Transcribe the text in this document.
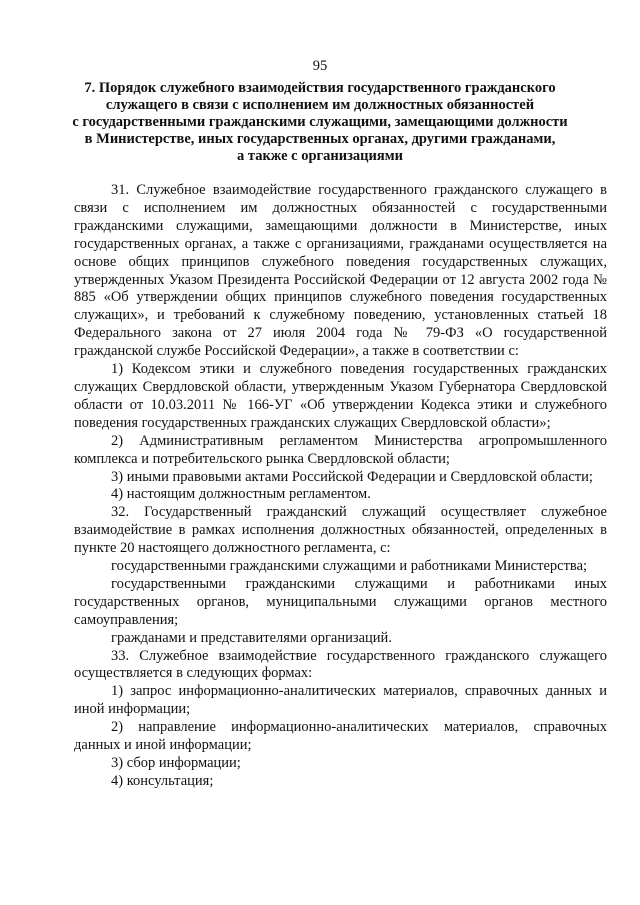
95
7. Порядок служебного взаимодействия государственного гражданского
служащего в связи с исполнением им должностных обязанностей
с государственными гражданскими служащими, замещающими должности
в Министерстве, иных государственных органах, другими гражданами,
а также с организациями

31. Служебное взаимодействие государственного гражданского служащего в связи с исполнением им должностных обязанностей с государственными гражданскими служащими, замещающими должности в Министерстве, иных государственных органах, а также с организациями, гражданами осуществляется на основе общих принципов служебного поведения государственных служащих, утвержденных Указом Президента Российской Федерации от 12 августа 2002 года № 885 «Об утверждении общих принципов служебного поведения государственных служащих», и требований к служебному поведению, установленных статьей 18 Федерального закона от 27 июля 2004 года № 79-ФЗ «О государственной гражданской службе Российской Федерации», а также в соответствии с:

1) Кодексом этики и служебного поведения государственных гражданских служащих Свердловской области, утвержденным Указом Губернатора Свердловской области от 10.03.2011 № 166-УГ «Об утверждении Кодекса этики и служебного поведения государственных гражданских служащих Свердловской области»;

2) Административным регламентом Министерства агропромышленного комплекса и потребительского рынка Свердловской области;

3) иными правовыми актами Российской Федерации и Свердловской области;

4) настоящим должностным регламентом.

32. Государственный гражданский служащий осуществляет служебное взаимодействие в рамках исполнения должностных обязанностей, определенных в пункте 20 настоящего должностного регламента, с:

государственными гражданскими служащими и работниками Министерства;

государственными гражданскими служащими и работниками иных государственных органов, муниципальными служащими органов местного самоуправления;

гражданами и представителями организаций.

33. Служебное взаимодействие государственного гражданского служащего осуществляется в следующих формах:

1) запрос информационно-аналитических материалов, справочных данных и иной информации;

2) направление информационно-аналитических материалов, справочных данных и иной информации;

3) сбор информации;

4) консультация;
